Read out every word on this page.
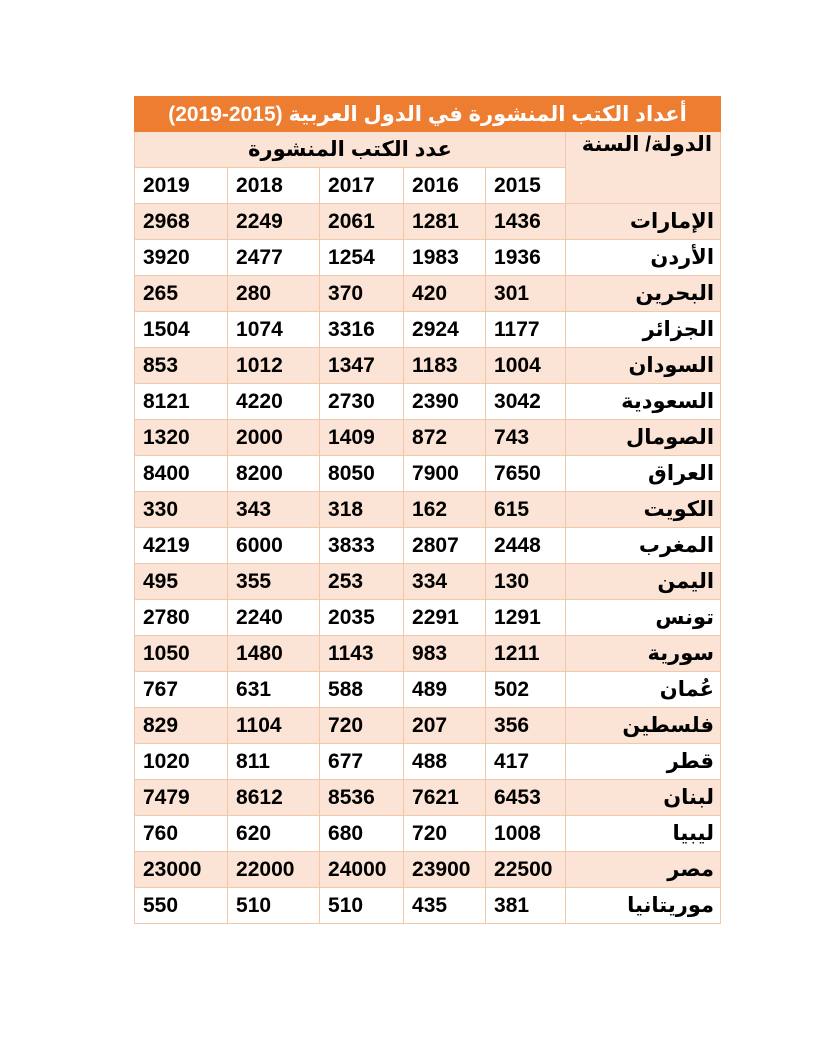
أعداد الكتب المنشورة في الدول العربية (2015-2019)					
الدولة/ السنة	عدد الكتب المنشورة				
	2015	2016	2017	2018	2019
الإمارات	1436	1281	2061	2249	2968
الأردن	1936	1983	1254	2477	3920
البحرين	301	420	370	280	265
الجزائر	1177	2924	3316	1074	1504
السودان	1004	1183	1347	1012	853
السعودية	3042	2390	2730	4220	8121
الصومال	743	872	1409	2000	1320
العراق	7650	7900	8050	8200	8400
الكويت	615	162	318	343	330
المغرب	2448	2807	3833	6000	4219
اليمن	130	334	253	355	495
تونس	1291	2291	2035	2240	2780
سورية	1211	983	1143	1480	1050
عُمان	502	489	588	631	767
فلسطين	356	207	720	1104	829
قطر	417	488	677	811	1020
لبنان	6453	7621	8536	8612	7479
ليبيا	1008	720	680	620	760
مصر	22500	23900	24000	22000	23000
موريتانيا	381	435	510	510	550
